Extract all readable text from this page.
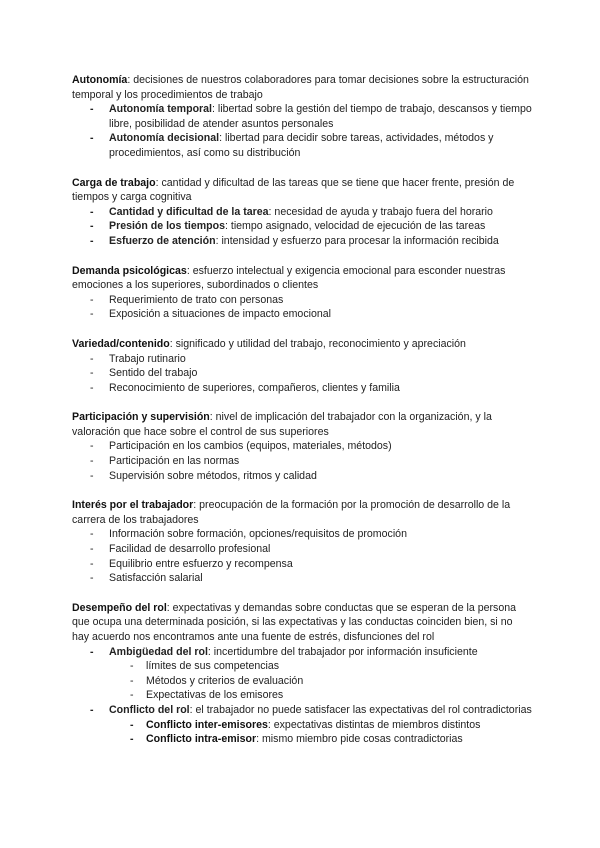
Autonomía: decisiones de nuestros colaboradores para tomar decisiones sobre la estructuración temporal y los procedimientos de trabajo

- Autonomía temporal: libertad sobre la gestión del tiempo de trabajo, descansos y tiempo libre, posibilidad de atender asuntos personales
- Autonomía decisional: libertad para decidir sobre tareas, actividades, métodos y procedimientos, así como su distribución

Carga de trabajo: cantidad y dificultad de las tareas que se tiene que hacer frente, presión de tiempos y carga cognitiva

- Cantidad y dificultad de la tarea: necesidad de ayuda y trabajo fuera del horario
- Presión de los tiempos: tiempo asignado, velocidad de ejecución de las tareas
- Esfuerzo de atención: intensidad y esfuerzo para procesar la información recibida

Demanda psicológicas: esfuerzo intelectual y exigencia emocional para esconder nuestras emociones a los superiores, subordinados o clientes

- Requerimiento de trato con personas
- Exposición a situaciones de impacto emocional

Variedad/contenido: significado y utilidad del trabajo, reconocimiento y apreciación

- Trabajo rutinario
- Sentido del trabajo
- Reconocimiento de superiores, compañeros, clientes y familia

Participación y supervisión: nivel de implicación del trabajador con la organización, y la valoración que hace sobre el control de sus superiores

- Participación en los cambios (equipos, materiales, métodos)
- Participación en las normas
- Supervisión sobre métodos, ritmos y calidad

Interés por el trabajador: preocupación de la formación por la promoción de desarrollo de la carrera de los trabajadores

- Información sobre formación, opciones/requisitos de promoción
- Facilidad de desarrollo profesional
- Equilibrio entre esfuerzo y recompensa
- Satisfacción salarial

Desempeño del rol: expectativas y demandas sobre conductas que se esperan de la persona que ocupa una determinada posición, si las expectativas y las conductas coinciden bien, si no hay acuerdo nos encontramos ante una fuente de estrés, disfunciones del rol

- Ambigüedad del rol: incertidumbre del trabajador por información insuficiente
- límites de sus competencias
- Métodos y criterios de evaluación
- Expectativas de los emisores
- Conflicto del rol: el trabajador no puede satisfacer las expectativas del rol contradictorias
- Conflicto inter-emisores: expectativas distintas de miembros distintos
- Conflicto intra-emisor: mismo miembro pide cosas contradictorias
